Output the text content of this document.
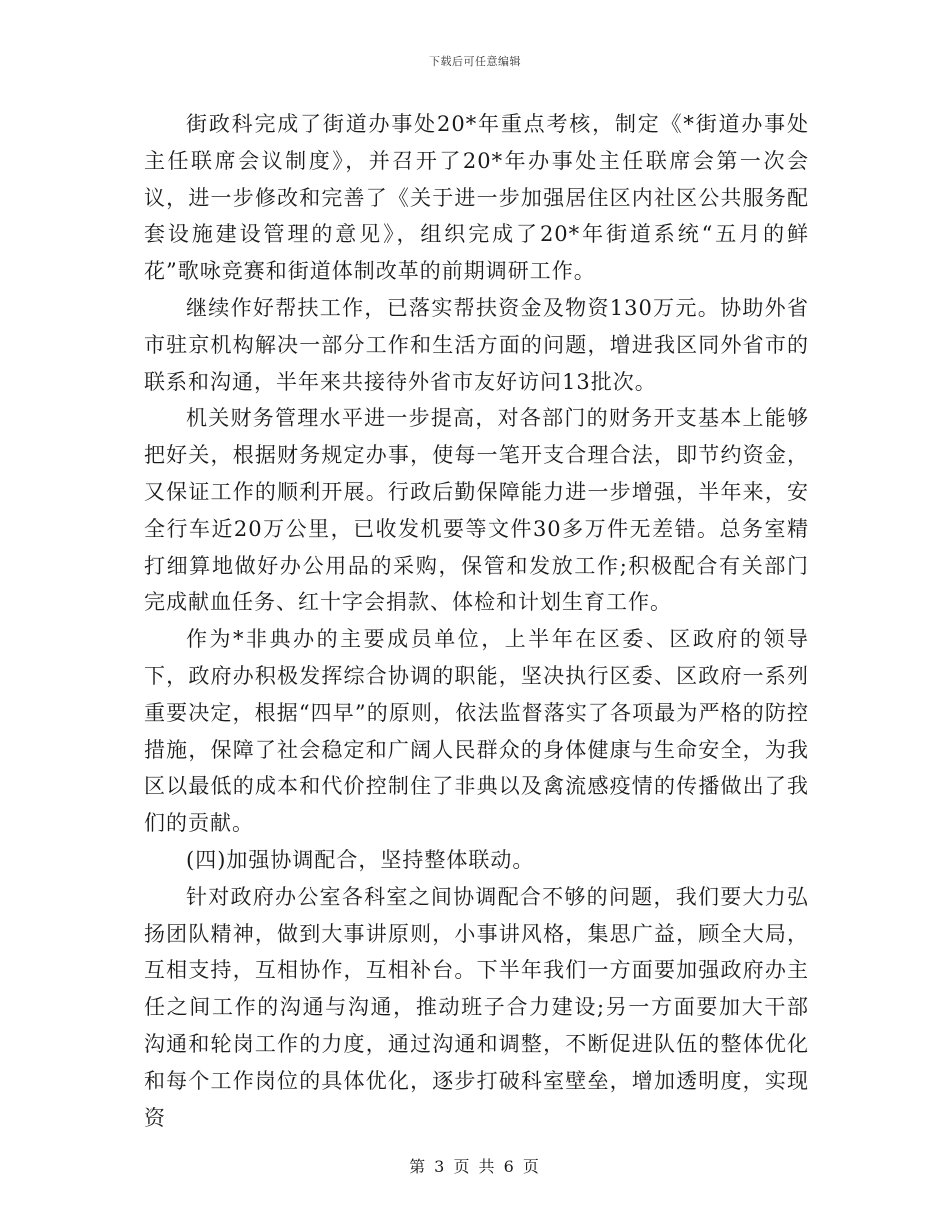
下载后可任意编辑

街政科完成了街道办事处20*年重点考核，制定《*街道办事处主任联席会议制度》，并召开了20*年办事处主任联席会第一次会议，进一步修改和完善了《关于进一步加强居住区内社区公共服务配套设施建设管理的意见》，组织完成了20*年街道系统“五月的鲜花”歌咏竞赛和街道体制改革的前期调研工作。

继续作好帮扶工作，已落实帮扶资金及物资130万元。协助外省市驻京机构解决一部分工作和生活方面的问题，增进我区同外省市的联系和沟通，半年来共接待外省市友好访问13批次。

机关财务管理水平进一步提高，对各部门的财务开支基本上能够把好关，根据财务规定办事，使每一笔开支合理合法，即节约资金，又保证工作的顺利开展。行政后勤保障能力进一步增强，半年来，安全行车近20万公里，已收发机要等文件30多万件无差错。总务室精打细算地做好办公用品的采购，保管和发放工作;积极配合有关部门完成献血任务、红十字会捐款、体检和计划生育工作。

作为*非典办的主要成员单位，上半年在区委、区政府的领导下，政府办积极发挥综合协调的职能，坚决执行区委、区政府一系列重要决定，根据“四早”的原则，依法监督落实了各项最为严格的防控措施，保障了社会稳定和广阔人民群众的身体健康与生命安全，为我区以最低的成本和代价控制住了非典以及禽流感疫情的传播做出了我们的贡献。

(四)加强协调配合，坚持整体联动。

针对政府办公室各科室之间协调配合不够的问题，我们要大力弘扬团队精神，做到大事讲原则，小事讲风格，集思广益，顾全大局，互相支持，互相协作，互相补台。下半年我们一方面要加强政府办主任之间工作的沟通与沟通，推动班子合力建设;另一方面要加大干部沟通和轮岗工作的力度，通过沟通和调整，不断促进队伍的整体优化和每个工作岗位的具体优化，逐步打破科室壁垒，增加透明度，实现资

第 3 页 共 6 页
